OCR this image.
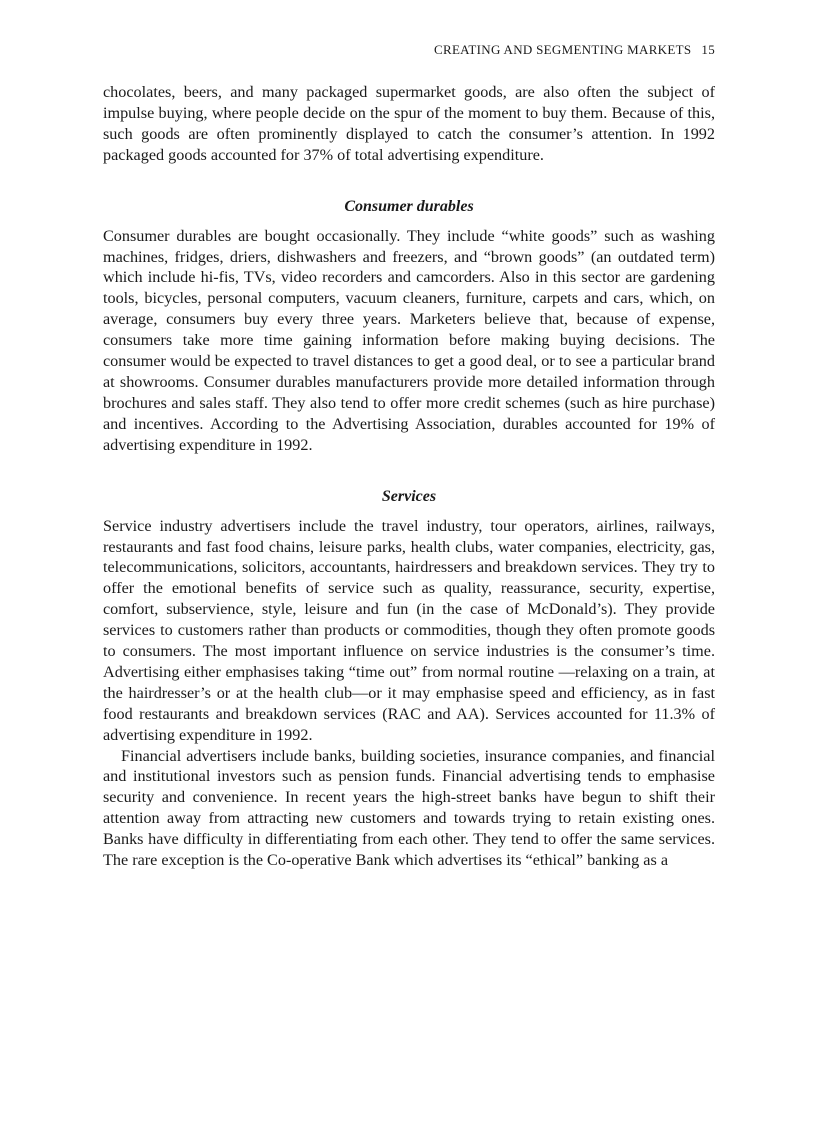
CREATING AND SEGMENTING MARKETS 15

chocolates, beers, and many packaged supermarket goods, are also often the subject of impulse buying, where people decide on the spur of the moment to buy them. Because of this, such goods are often prominently displayed to catch the consumer’s attention. In 1992 packaged goods accounted for 37% of total advertising expenditure.

Consumer durables

Consumer durables are bought occasionally. They include “white goods” such as washing machines, fridges, driers, dishwashers and freezers, and “brown goods” (an outdated term) which include hi-fis, TVs, video recorders and camcorders. Also in this sector are gardening tools, bicycles, personal computers, vacuum cleaners, furniture, carpets and cars, which, on average, consumers buy every three years. Marketers believe that, because of expense, consumers take more time gaining information before making buying decisions. The consumer would be expected to travel distances to get a good deal, or to see a particular brand at showrooms. Consumer durables manufacturers provide more detailed information through brochures and sales staff. They also tend to offer more credit schemes (such as hire purchase) and incentives. According to the Advertising Association, durables accounted for 19% of advertising expenditure in 1992.

Services

Service industry advertisers include the travel industry, tour operators, airlines, railways, restaurants and fast food chains, leisure parks, health clubs, water companies, electricity, gas, telecommunications, solicitors, accountants, hairdressers and breakdown services. They try to offer the emotional benefits of service such as quality, reassurance, security, expertise, comfort, subservience, style, leisure and fun (in the case of McDonald’s). They provide services to customers rather than products or commodities, though they often promote goods to consumers. The most important influence on service industries is the consumer’s time. Advertising either emphasises taking “time out” from normal routine —relaxing on a train, at the hairdresser’s or at the health club—or it may emphasise speed and efficiency, as in fast food restaurants and breakdown services (RAC and AA). Services accounted for 11.3% of advertising expenditure in 1992.

Financial advertisers include banks, building societies, insurance companies, and financial and institutional investors such as pension funds. Financial advertising tends to emphasise security and convenience. In recent years the high-street banks have begun to shift their attention away from attracting new customers and towards trying to retain existing ones. Banks have difficulty in differentiating from each other. They tend to offer the same services. The rare exception is the Co-operative Bank which advertises its “ethical” banking as a
